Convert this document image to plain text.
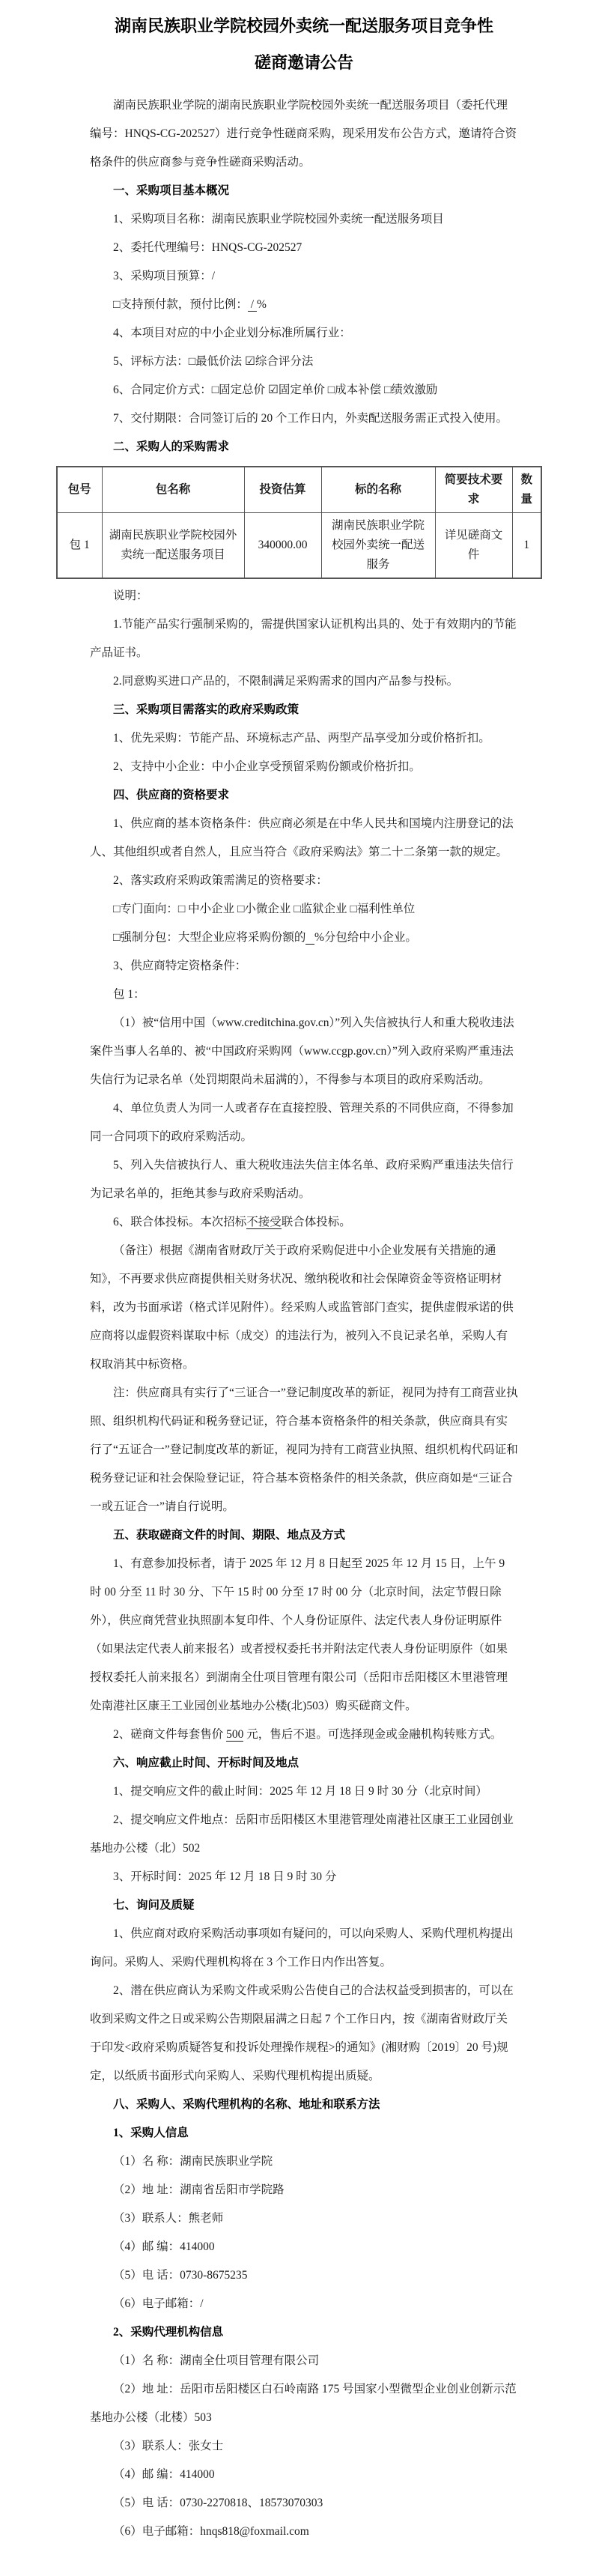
湖南民族职业学院校园外卖统一配送服务项目竞争性
磋商邀请公告

湖南民族职业学院的湖南民族职业学院校园外卖统一配送服务项目（委托代理编号：HNQS-CG-202527）进行竞争性磋商采购，现采用发布公告方式，邀请符合资格条件的供应商参与竞争性磋商采购活动。

一、采购项目基本概况

1、采购项目名称：湖南民族职业学院校园外卖统一配送服务项目

2、委托代理编号：HNQS-CG-202527

3、采购项目预算：/

□支持预付款，预付比例： / %

4、本项目对应的中小企业划分标准所属行业：

5、评标方法：□最低价法 ☑综合评分法

6、合同定价方式：□固定总价 ☑固定单价 □成本补偿 □绩效激励

7、交付期限：合同签订后的 20 个工作日内，外卖配送服务需正式投入使用。

二、采购人的采购需求

包号	包名称	投资估算	标的名称	简要技术要求	数量
包 1	湖南民族职业学院校园外卖统一配送服务项目	340000.00	湖南民族职业学院校园外卖统一配送服务	详见磋商文件	1

说明：

1.节能产品实行强制采购的，需提供国家认证机构出具的、处于有效期内的节能产品证书。

2.同意购买进口产品的，不限制满足采购需求的国内产品参与投标。

三、采购项目需落实的政府采购政策

1、优先采购：节能产品、环境标志产品、两型产品享受加分或价格折扣。

2、支持中小企业：中小企业享受预留采购份额或价格折扣。

四、供应商的资格要求

1、供应商的基本资格条件：供应商必须是在中华人民共和国境内注册登记的法人、其他组织或者自然人，且应当符合《政府采购法》第二十二条第一款的规定。

2、落实政府采购政策需满足的资格要求：

□专门面向：□ 中小企业 □小微企业 □监狱企业 □福利性单位

□强制分包：大型企业应将采购份额的 %分包给中小企业。

3、供应商特定资格条件：

包 1：

（1）被“信用中国（www.creditchina.gov.cn）”列入失信被执行人和重大税收违法案件当事人名单的、被“中国政府采购网（www.ccgp.gov.cn）”列入政府采购严重违法失信行为记录名单（处罚期限尚未届满的），不得参与本项目的政府采购活动。

4、单位负责人为同一人或者存在直接控股、管理关系的不同供应商，不得参加同一合同项下的政府采购活动。

5、列入失信被执行人、重大税收违法失信主体名单、政府采购严重违法失信行为记录名单的，拒绝其参与政府采购活动。

6、联合体投标。本次招标不接受联合体投标。

（备注）根据《湖南省财政厅关于政府采购促进中小企业发展有关措施的通知》，不再要求供应商提供相关财务状况、缴纳税收和社会保障资金等资格证明材料，改为书面承诺（格式详见附件）。经采购人或监管部门查实，提供虚假承诺的供应商将以虚假资料谋取中标（成交）的违法行为，被列入不良记录名单，采购人有权取消其中标资格。

注：供应商具有实行了“三证合一”登记制度改革的新证，视同为持有工商营业执照、组织机构代码证和税务登记证，符合基本资格条件的相关条款，供应商具有实行了“五证合一”登记制度改革的新证，视同为持有工商营业执照、组织机构代码证和税务登记证和社会保险登记证，符合基本资格条件的相关条款，供应商如是“三证合一或五证合一”请自行说明。

五、获取磋商文件的时间、期限、地点及方式

1、有意参加投标者，请于 2025 年 12 月 8 日起至 2025 年 12 月 15 日，上午 9 时 00 分至 11 时 30 分、下午 15 时 00 分至 17 时 00 分（北京时间，法定节假日除外），供应商凭营业执照副本复印件、个人身份证原件、法定代表人身份证明原件（如果法定代表人前来报名）或者授权委托书并附法定代表人身份证明原件（如果授权委托人前来报名）到湖南全仕项目管理有限公司（岳阳市岳阳楼区木里港管理处南港社区康王工业园创业基地办公楼(北)503）购买磋商文件。

2、磋商文件每套售价 500 元，售后不退。可选择现金或金融机构转账方式。

六、响应截止时间、开标时间及地点

1、提交响应文件的截止时间：2025 年 12 月 18 日 9 时 30 分（北京时间）

2、提交响应文件地点：岳阳市岳阳楼区木里港管理处南港社区康王工业园创业基地办公楼（北）502

3、开标时间：2025 年 12 月 18 日 9 时 30 分

七、询问及质疑

1、供应商对政府采购活动事项如有疑问的，可以向采购人、采购代理机构提出询问。采购人、采购代理机构将在 3 个工作日内作出答复。

2、潜在供应商认为采购文件或采购公告使自己的合法权益受到损害的，可以在收到采购文件之日或采购公告期限届满之日起 7 个工作日内，按《湖南省财政厅关于印发<政府采购质疑答复和投诉处理操作规程>的通知》(湘财购〔2019〕20 号)规定，以纸质书面形式向采购人、采购代理机构提出质疑。

八、采购人、采购代理机构的名称、地址和联系方法

1、采购人信息

（1）名 称：湖南民族职业学院

（2）地 址：湖南省岳阳市学院路

（3）联系人：熊老师

（4）邮 编：414000

（5）电 话：0730-8675235

（6）电子邮箱：/

2、采购代理机构信息

（1）名 称：湖南全仕项目管理有限公司

（2）地 址：岳阳市岳阳楼区白石岭南路 175 号国家小型微型企业创业创新示范基地办公楼（北楼）503

（3）联系人：张女士

（4）邮 编：414000

（5）电 话：0730-2270818、18573070303

（6）电子邮箱：hnqs818@foxmail.com
